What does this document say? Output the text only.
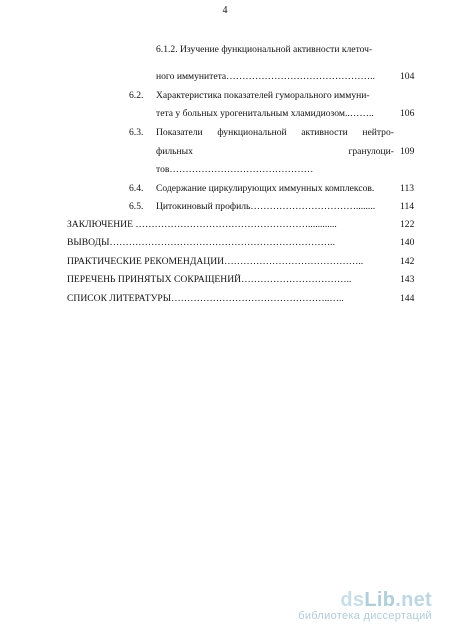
4
6.1.2. Изучение функциональной активности клеточ-
ного иммунитета………………………………………..	104
6.2. Характеристика показателей гуморального иммуни-
тета у больных урогенитальным хламидиозом..……..	106
6.3. Показатели функциональной активности нейтро-
фильных	гранулоци- 109
тов………………………………………
6.4. Содержание циркулирующих иммунных комплексов.	113
6.5. Цитокиновый профиль……………………………........	114
ЗАКЛЮЧЕНИЕ ………………………………………………............	122
ВЫВОДЫ……………………………………………………………..	140
ПРАКТИЧЕСКИЕ РЕКОМЕНДАЦИИ……………………………………..	142
ПЕРЕЧЕНЬ ПРИНЯТЫХ СОКРАЩЕНИЙ……………………………..	143
СПИСОК ЛИТЕРАТУРЫ…………………………………………..…..	144
dsLib.net
библиотека диссертаций
